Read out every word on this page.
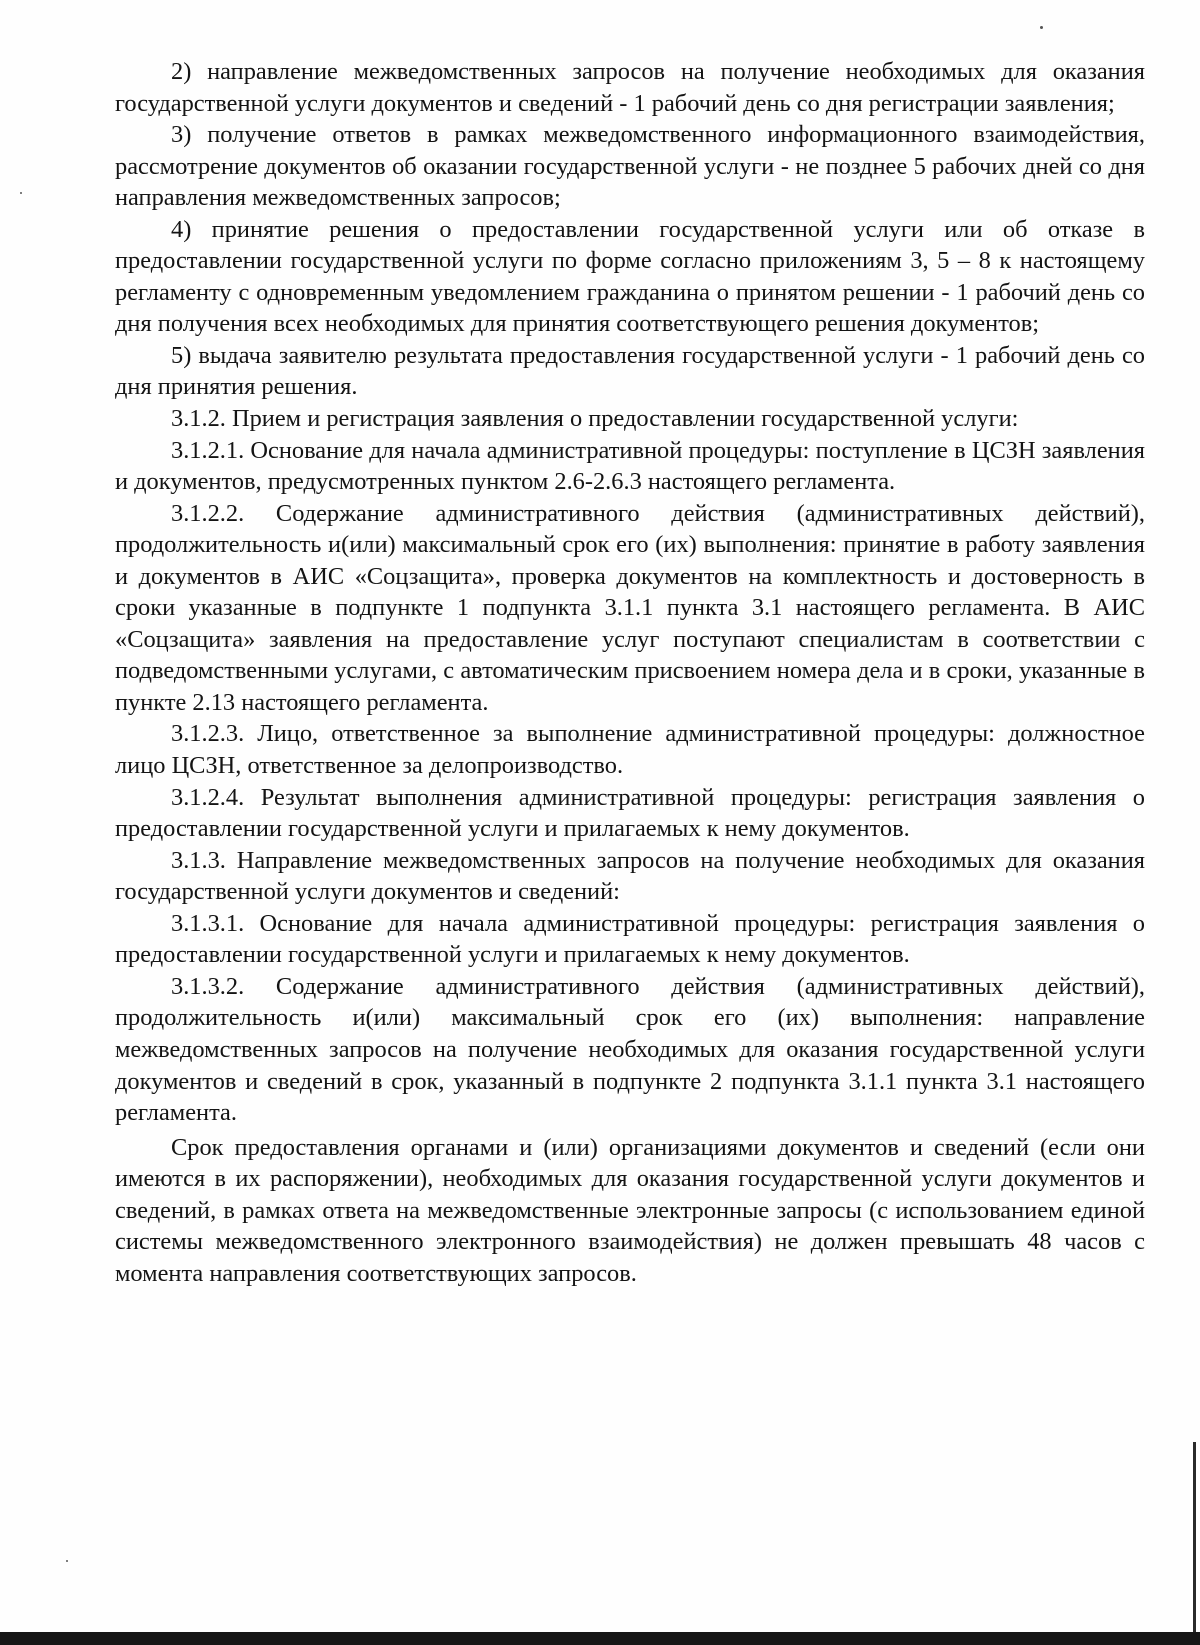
2) направление межведомственных запросов на получение необходимых для оказания государственной услуги документов и сведений - 1 рабочий день со дня регистрации заявления;

3) получение ответов в рамках межведомственного информационного взаимодействия, рассмотрение документов об оказании государственной услуги - не позднее 5 рабочих дней со дня направления межведомственных запросов;

4) принятие решения о предоставлении государственной услуги или об отказе в предоставлении государственной услуги по форме согласно приложениям 3, 5 – 8 к настоящему регламенту с одновременным уведомлением гражданина о принятом решении - 1 рабочий день со дня получения всех необходимых для принятия соответствующего решения документов;

5) выдача заявителю результата предоставления государственной услуги - 1 рабочий день со дня принятия решения.

3.1.2. Прием и регистрация заявления о предоставлении государственной услуги:

3.1.2.1. Основание для начала административной процедуры: поступление в ЦСЗН заявления и документов, предусмотренных пунктом 2.6-2.6.3 настоящего регламента.

3.1.2.2. Содержание административного действия (административных действий), продолжительность и(или) максимальный срок его (их) выполнения: принятие в работу заявления и документов в АИС «Соцзащита», проверка документов на комплектность и достоверность в сроки указанные в подпункте 1 подпункта 3.1.1 пункта 3.1 настоящего регламента. В АИС «Соцзащита» заявления на предоставление услуг поступают специалистам в соответствии с подведомственными услугами, с автоматическим присвоением номера дела и в сроки, указанные в пункте 2.13 настоящего регламента.

3.1.2.3. Лицо, ответственное за выполнение административной процедуры: должностное лицо ЦСЗН, ответственное за делопроизводство.

3.1.2.4. Результат выполнения административной процедуры: регистрация заявления о предоставлении государственной услуги и прилагаемых к нему документов.

3.1.3. Направление межведомственных запросов на получение необходимых для оказания государственной услуги документов и сведений:

3.1.3.1. Основание для начала административной процедуры: регистрация заявления о предоставлении государственной услуги и прилагаемых к нему документов.

3.1.3.2. Содержание административного действия (административных действий), продолжительность и(или) максимальный срок его (их) выполнения: направление межведомственных запросов на получение необходимых для оказания государственной услуги документов и сведений в срок, указанный в подпункте 2 подпункта 3.1.1 пункта 3.1 настоящего регламента.

Срок предоставления органами и (или) организациями документов и сведений (если они имеются в их распоряжении), необходимых для оказания государственной услуги документов и сведений, в рамках ответа на межведомственные электронные запросы (с использованием единой системы межведомственного электронного взаимодействия) не должен превышать 48 часов с момента направления соответствующих запросов.
